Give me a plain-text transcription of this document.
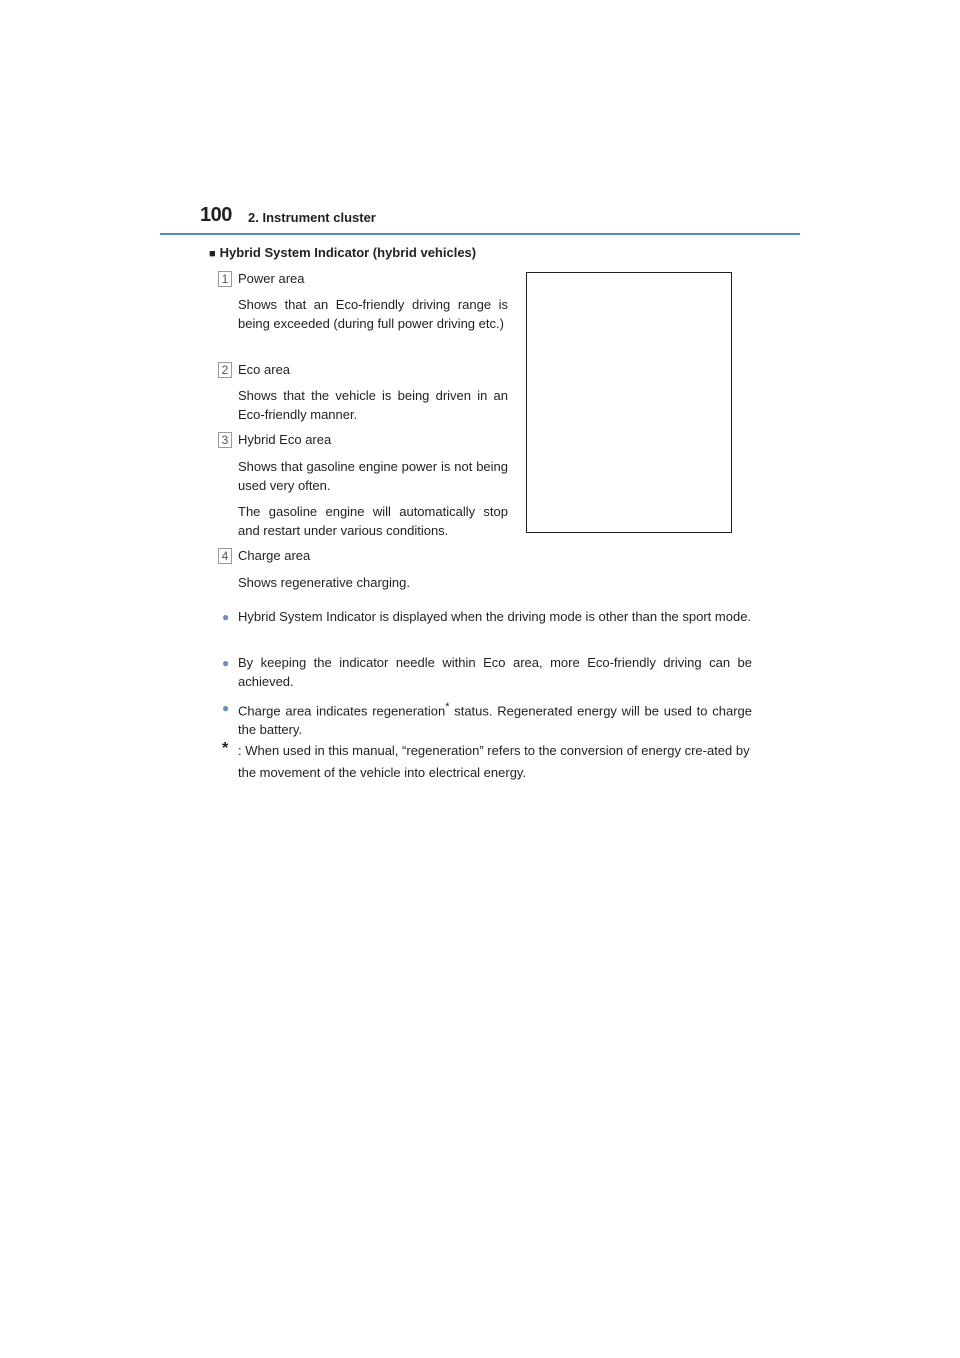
100 2. Instrument cluster
■ Hybrid System Indicator (hybrid vehicles)
1 Power area
Shows that an Eco-friendly driving range is being exceeded (during full power driving etc.)
2 Eco area
Shows that the vehicle is being driven in an Eco-friendly manner.
3 Hybrid Eco area
Shows that gasoline engine power is not being used very often.
The gasoline engine will automatically stop and restart under various conditions.
4 Charge area
Shows regenerative charging.
● Hybrid System Indicator is displayed when the driving mode is other than the sport mode.
● By keeping the indicator needle within Eco area, more Eco-friendly driving can be achieved.
● Charge area indicates regeneration* status. Regenerated energy will be used to charge the battery.
* : When used in this manual, “regeneration” refers to the conversion of energy cre-ated by the movement of the vehicle into electrical energy.
